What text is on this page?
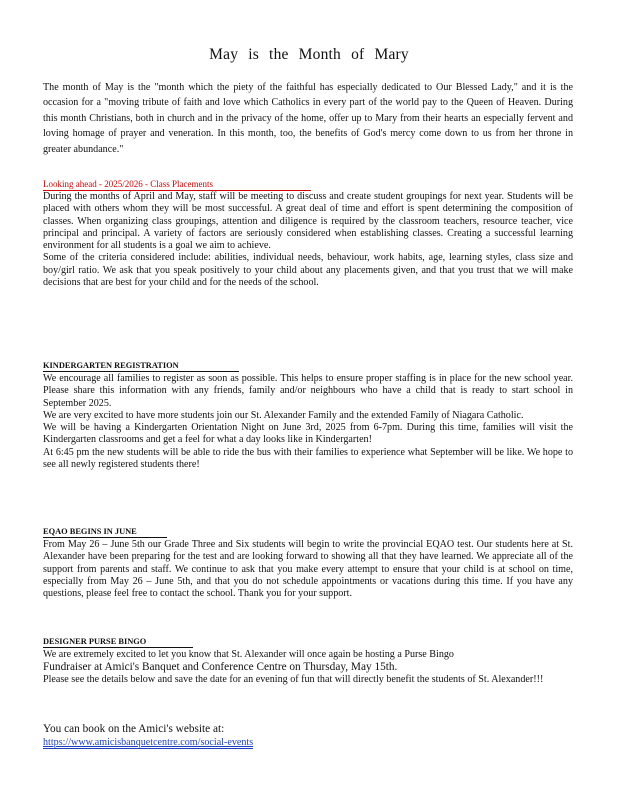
May is the Month of Mary
The month of May is the "month which the piety of the faithful has especially dedicated to Our Blessed Lady," and it is the occasion for a "moving tribute of faith and love which Catholics in every part of the world pay to the Queen of Heaven. During this month Christians, both in church and in the privacy of the home, offer up to Mary from their hearts an especially fervent and loving homage of prayer and veneration. In this month, too, the benefits of God's mercy come down to us from her throne in greater abundance."
Looking ahead - 2025/2026 - Class Placements

During the months of April and May, staff will be meeting to discuss and create student groupings for next year. Students will be placed with others whom they will be most successful. A great deal of time and effort is spent determining the composition of classes. When organizing class groupings, attention and diligence is required by the classroom teachers, resource teacher, vice principal and principal. A variety of factors are seriously considered when establishing classes. Creating a successful learning environment for all students is a goal we aim to achieve.

Some of the criteria considered include: abilities, individual needs, behaviour, work habits, age, learning styles, class size and boy/girl ratio. We ask that you speak positively to your child about any placements given, and that you trust that we will make decisions that are best for your child and for the needs of the school.

KINDERGARTEN REGISTRATION

We encourage all families to register as soon as possible. This helps to ensure proper staffing is in place for the new school year. Please share this information with any friends, family and/or neighbours who have a child that is ready to start school in September 2025.

We are very excited to have more students join our St. Alexander Family and the extended Family of Niagara Catholic.

We will be having a Kindergarten Orientation Night on June 3rd, 2025 from 6-7pm. During this time, families will visit the Kindergarten classrooms and get a feel for what a day looks like in Kindergarten!

At 6:45 pm the new students will be able to ride the bus with their families to experience what September will be like. We hope to see all newly registered students there!

EQAO BEGINS IN JUNE

From May 26 – June 5th our Grade Three and Six students will begin to write the provincial EQAO test. Our students here at St. Alexander have been preparing for the test and are looking forward to showing all that they have learned. We appreciate all of the support from parents and staff. We continue to ask that you make every attempt to ensure that your child is at school on time, especially from May 26 – June 5th, and that you do not schedule appointments or vacations during this time. If you have any questions, please feel free to contact the school. Thank you for your support.

DESIGNER PURSE BINGO

We are extremely excited to let you know that St. Alexander will once again be hosting a Purse Bingo

Fundraiser at Amici's Banquet and Conference Centre on Thursday, May 15th.

Please see the details below and save the date for an evening of fun that will directly benefit the students of St. Alexander!!!

You can book on the Amici's website at:
https://www.amicisbanquetcentre.com/social-events
